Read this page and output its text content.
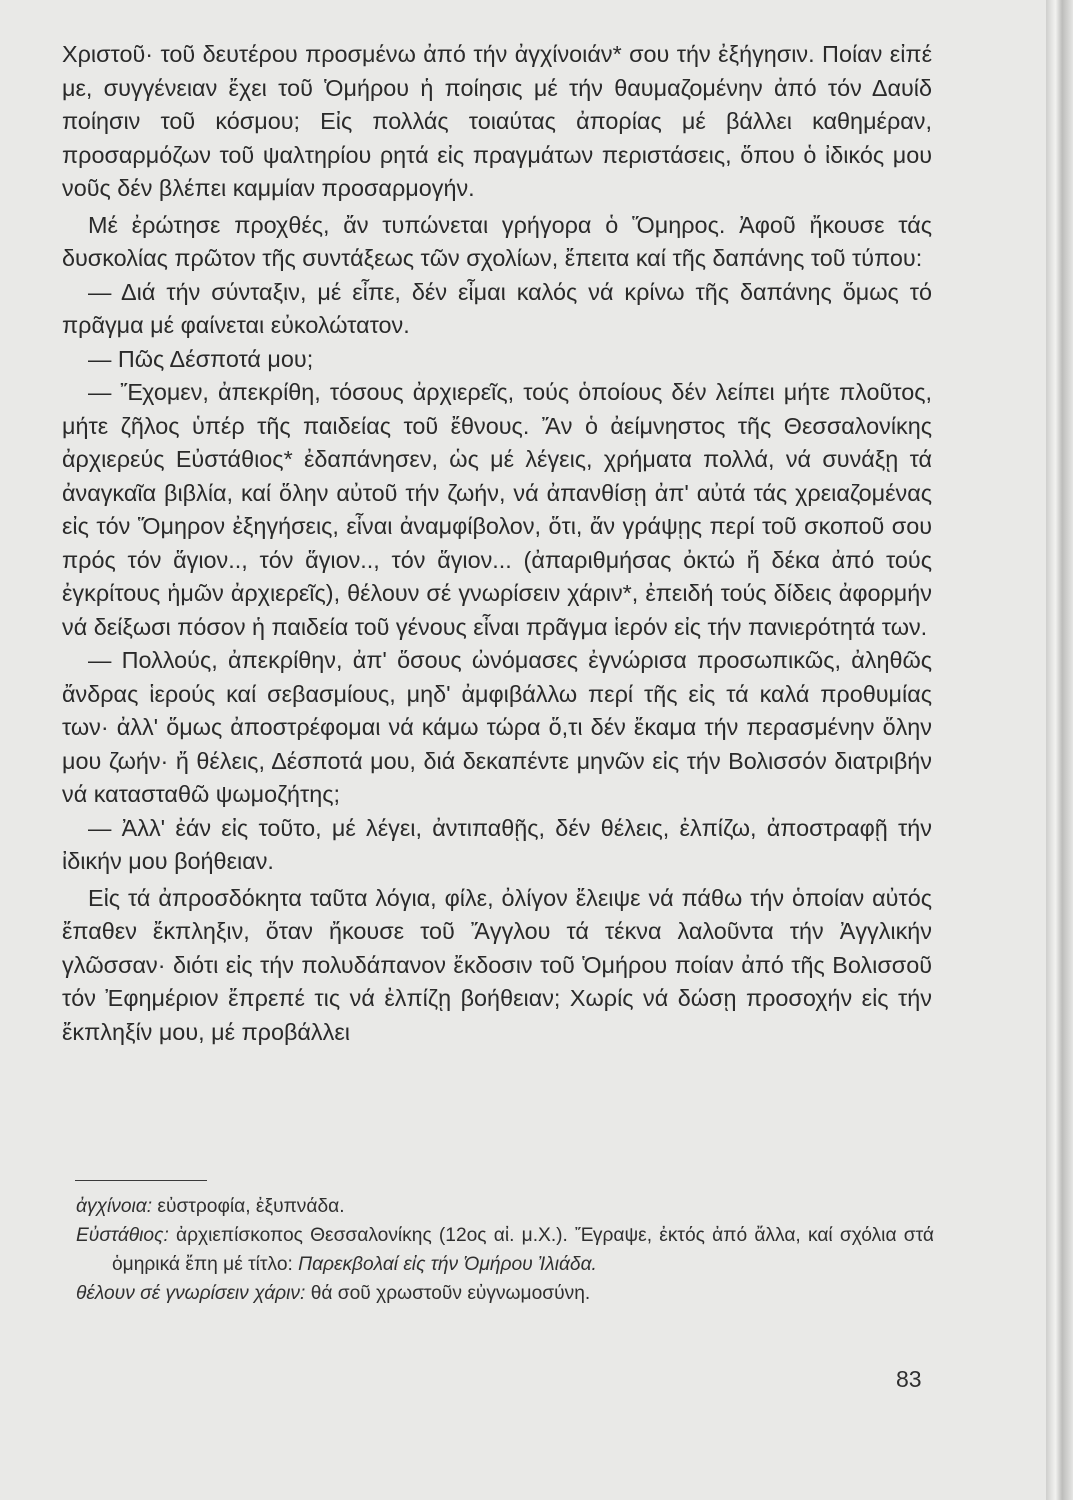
Χριστοῦ· τοῦ δευτέρου προσμένω ἀπό τήν ἀγχίνοιάν* σου τήν ἐξήγησιν. Ποίαν εἰπέ με, συγγένειαν ἔχει τοῦ Ὁμήρου ἡ ποίησις μέ τήν θαυμαζομένην ἀπό τόν Δαυίδ ποίησιν τοῦ κόσμου; Εἰς πολλάς τοιαύτας ἀπορίας μέ βάλλει καθημέραν, προσαρμόζων τοῦ ψαλτηρίου ρητά εἰς πραγμάτων περιστάσεις, ὅπου ὁ ἰδικός μου νοῦς δέν βλέπει καμμίαν προσαρμογήν.

Μέ ἐρώτησε προχθές, ἄν τυπώνεται γρήγορα ὁ Ὅμηρος. Ἀφοῦ ἤκουσε τάς δυσκολίας πρῶτον τῆς συντάξεως τῶν σχολίων, ἔπειτα καί τῆς δαπάνης τοῦ τύπου:

— Διά τήν σύνταξιν, μέ εἶπε, δέν εἶμαι καλός νά κρίνω τῆς δαπάνης ὅμως τό πρᾶγμα μέ φαίνεται εὐκολώτατον.

— Πῶς Δέσποτά μου;

— Ἔχομεν, ἀπεκρίθη, τόσους ἀρχιερεῖς, τούς ὁποίους δέν λείπει μήτε πλοῦτος, μήτε ζῆλος ὑπέρ τῆς παιδείας τοῦ ἔθνους. Ἄν ὁ ἀείμνηστος τῆς Θεσσαλονίκης ἀρχιερεύς Εὐστάθιος* ἐδαπάνησεν, ὡς μέ λέγεις, χρήματα πολλά, νά συνάξῃ τά ἀναγκαῖα βιβλία, καί ὅλην αὐτοῦ τήν ζωήν, νά ἀπανθίσῃ ἀπ' αὐτά τάς χρειαζομένας εἰς τόν Ὅμηρον ἐξηγήσεις, εἶναι ἀναμφίβολον, ὅτι, ἄν γράψῃς περί τοῦ σκοποῦ σου πρός τόν ἅγιον.., τόν ἅγιον.., τόν ἅγιον... (ἀπαριθμήσας ὀκτώ ἤ δέκα ἀπό τούς ἐγκρίτους ἡμῶν ἀρχιερεῖς), θέλουν σέ γνωρίσειν χάριν*, ἐπειδή τούς δίδεις ἀφορμήν νά δείξωσι πόσον ἡ παιδεία τοῦ γένους εἶναι πρᾶγμα ἱερόν εἰς τήν πανιερότητά των.

— Πολλούς, ἀπεκρίθην, ἀπ' ὅσους ὠνόμασες ἐγνώρισα προσωπικῶς, ἀληθῶς ἄνδρας ἱερούς καί σεβασμίους, μηδ' ἀμφιβάλλω περί τῆς εἰς τά καλά προθυμίας των· ἀλλ' ὅμως ἀποστρέφομαι νά κάμω τώρα ὅ,τι δέν ἔκαμα τήν περασμένην ὅλην μου ζωήν· ἤ θέλεις, Δέσποτά μου, διά δεκαπέντε μηνῶν εἰς τήν Βολισσόν διατριβήν νά κατασταθῶ ψωμοζήτης;

— Ἀλλ' ἐάν εἰς τοῦτο, μέ λέγει, ἀντιπαθῇς, δέν θέλεις, ἐλπίζω, ἀποστραφῇ τήν ἰδικήν μου βοήθειαν.

Εἰς τά ἀπροσδόκητα ταῦτα λόγια, φίλε, ὀλίγον ἔλειψε νά πάθω τήν ὁποίαν αὐτός ἔπαθεν ἔκπληξιν, ὅταν ἤκουσε τοῦ Ἄγγλου τά τέκνα λαλοῦντα τήν Ἀγγλικήν γλῶσσαν· διότι εἰς τήν πολυδάπανον ἔκδοσιν τοῦ Ὁμήρου ποίαν ἀπό τῆς Βολισσοῦ τόν Ἐφημέριον ἔπρεπέ τις νά ἐλπίζῃ βοήθειαν; Χωρίς νά δώσῃ προσοχήν εἰς τήν ἔκπληξίν μου, μέ προβάλλει

ἀγχίνοια: εὐστροφία, ἐξυπνάδα.

Εὐστάθιος: ἀρχιεπίσκοπος Θεσσαλονίκης (12ος αἰ. μ.Χ.). Ἔγραψε, ἐκτός ἀπό ἄλλα, καί σχόλια στά ὁμηρικά ἔπη μέ τίτλο: Παρεκβολαί εἰς τήν Ὁμήρου Ἰλιάδα.

θέλουν σέ γνωρίσειν χάριν: θά σοῦ χρωστοῦν εὐγνωμοσύνη.

83
